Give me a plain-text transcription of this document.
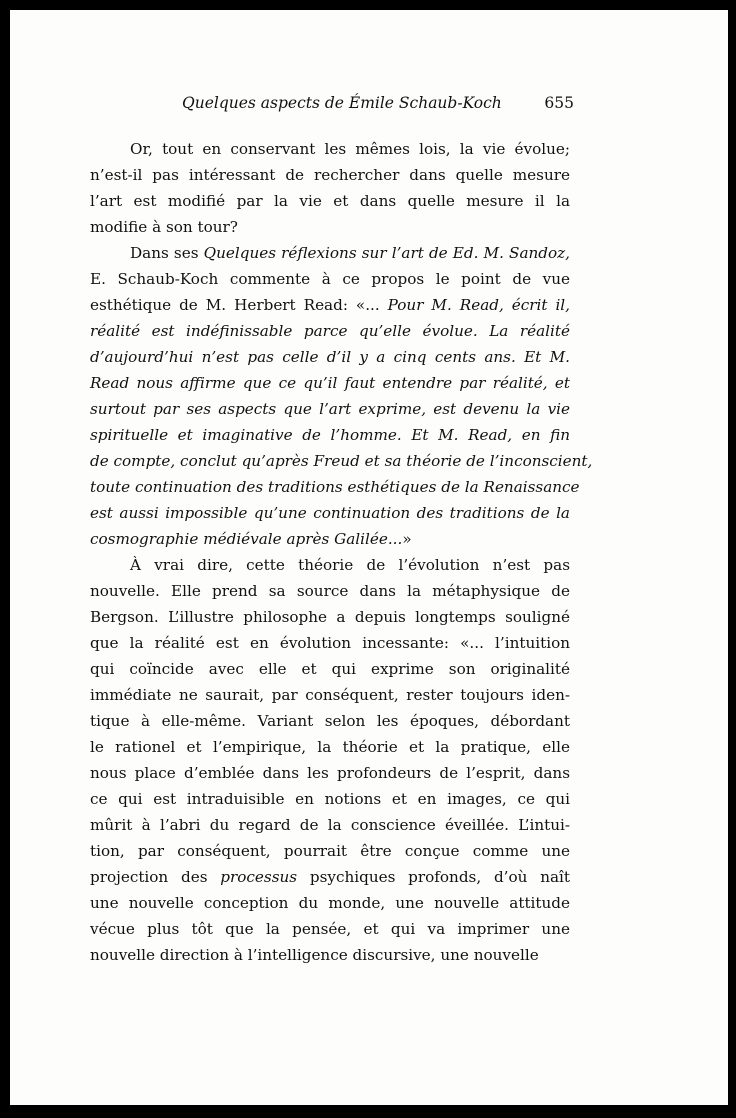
Quelques aspects de Émile Schaub-Koch	655
Or, tout en conservant les mêmes lois, la vie évolue;
n’est-il pas intéressant de rechercher dans quelle mesure
l’art est modifié par la vie et dans quelle mesure il la
modifie à son tour?
Dans ses Quelques réflexions sur l’art de Ed. M. Sandoz,
E. Schaub-Koch commente à ce propos le point de vue
esthétique de M. Herbert Read: «... Pour M. Read, écrit il,
réalité est indéfinissable parce qu’elle évolue. La réalité
d’aujourd’hui n’est pas celle d’il y a cinq cents ans. Et M.
Read nous affirme que ce qu’il faut entendre par réalité, et
surtout par ses aspects que l’art exprime, est devenu la vie
spirituelle et imaginative de l’homme. Et M. Read, en fin
de compte, conclut qu’après Freud et sa théorie de l’inconscient,
toute continuation des traditions esthétiques de la Renaissance
est aussi impossible qu’une continuation des traditions de la
cosmographie médiévale après Galilée...»
À vrai dire, cette théorie de l’évolution n’est pas
nouvelle. Elle prend sa source dans la métaphysique de
Bergson. L’illustre philosophe a depuis longtemps souligné
que la réalité est en évolution incessante: «... l’intuition
qui coïncide avec elle et qui exprime son originalité
immédiate ne saurait, par conséquent, rester toujours iden-
tique à elle-même. Variant selon les époques, débordant
le rationel et l’empirique, la théorie et la pratique, elle
nous place d’emblée dans les profondeurs de l’esprit, dans
ce qui est intraduisible en notions et en images, ce qui
mûrit à l’abri du regard de la conscience éveillée. L’intui-
tion, par conséquent, pourrait être conçue comme une
projection des processus psychiques profonds, d’où naît
une nouvelle conception du monde, une nouvelle attitude
vécue plus tôt que la pensée, et qui va imprimer une
nouvelle direction à l’intelligence discursive, une nouvelle
